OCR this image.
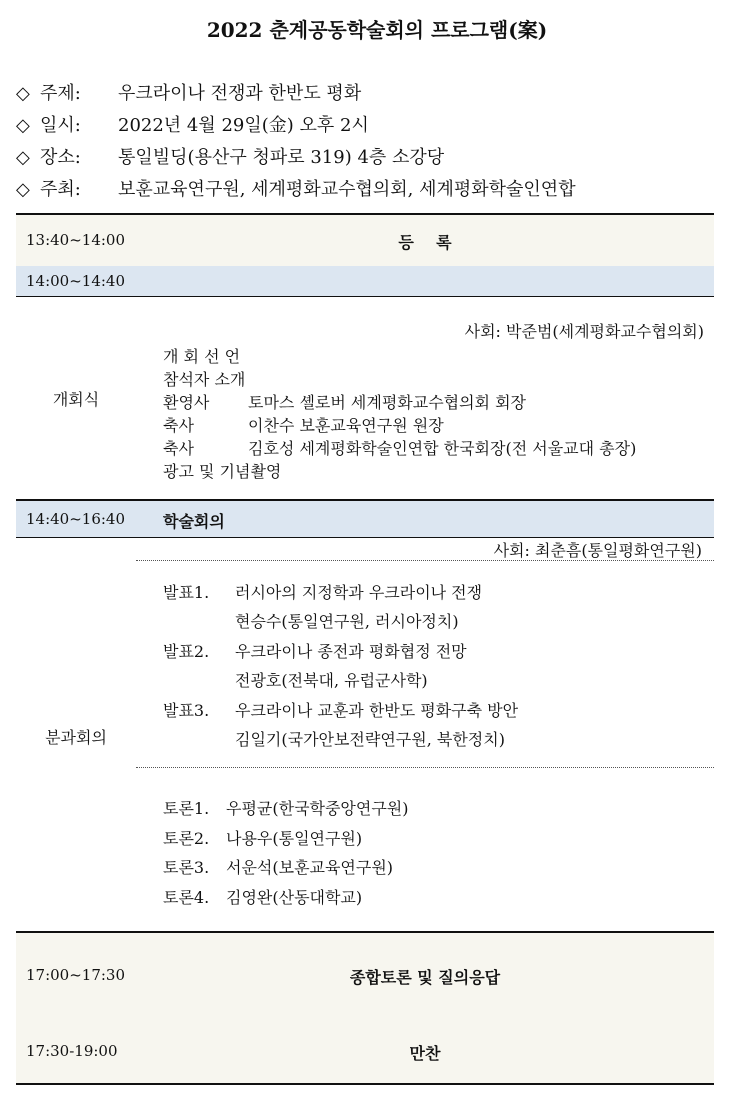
2022 춘계공동학술회의 프로그램(案)
◇ 주제: 우크라이나 전쟁과 한반도 평화
◇ 일시: 2022년 4월 29일(金) 오후 2시
◇ 장소: 통일빌딩(용산구 청파로 319) 4층 소강당
◇ 주최: 보훈교육연구원, 세계평화교수협의회, 세계평화학술인연합
13:40~14:00	등    록
14:00~14:40
사회: 박준범(세계평화교수협의회)
개회식
개 회 선 언
참석자 소개
환영사 토마스 셸로버 세계평화교수협의회 회장
축사	이찬수 보훈교육연구원 원장
축사	김호성 세계평화학술인연합 한국회장(전 서울교대 총장)
광고 및 기념촬영
14:40~16:40 학술회의
사회: 최춘흠(통일평화연구원)
분과회의
발표1. 러시아의 지정학과 우크라이나 전쟁
현승수(통일연구원, 러시아정치)
발표2. 우크라이나 종전과 평화협정 전망
전광호(전북대, 유럽군사학)
발표3. 우크라이나 교훈과 한반도 평화구축 방안
김일기(국가안보전략연구원, 북한정치)
토론1. 우평균(한국학중앙연구원)
토론2. 나용우(통일연구원)
토론3. 서운석(보훈교육연구원)
토론4. 김영완(산동대학교)
17:00~17:30	종합토론 및 질의응답
17:30-19:00	만찬
